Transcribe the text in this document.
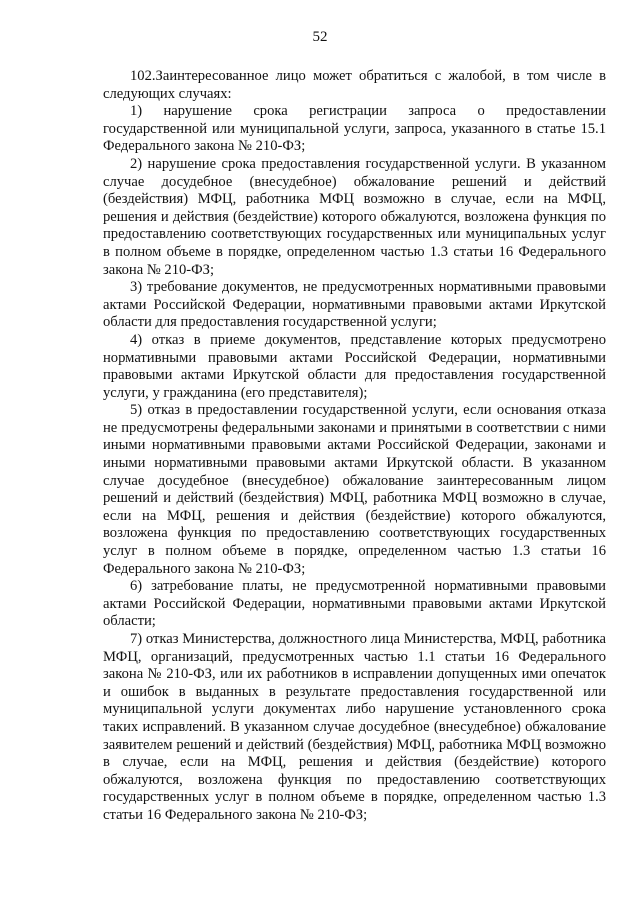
52

102.Заинтересованное лицо может обратиться с жалобой, в том числе в следующих случаях:

1) нарушение срока регистрации запроса о предоставлении государственной или муниципальной услуги, запроса, указанного в статье 15.1 Федерального закона № 210-ФЗ;

2) нарушение срока предоставления государственной услуги. В указанном случае досудебное (внесудебное) обжалование решений и действий (бездействия) МФЦ, работника МФЦ возможно в случае, если на МФЦ, решения и действия (бездействие) которого обжалуются, возложена функция по предоставлению соответствующих государственных или муниципальных услуг в полном объеме в порядке, определенном частью 1.3 статьи 16 Федерального закона № 210-ФЗ;

3) требование документов, не предусмотренных нормативными правовыми актами Российской Федерации, нормативными правовыми актами Иркутской области для предоставления государственной услуги;

4) отказ в приеме документов, представление которых предусмотрено нормативными правовыми актами Российской Федерации, нормативными правовыми актами Иркутской области для предоставления государственной услуги, у гражданина (его представителя);

5) отказ в предоставлении государственной услуги, если основания отказа не предусмотрены федеральными законами и принятыми в соответствии с ними иными нормативными правовыми актами Российской Федерации, законами и иными нормативными правовыми актами Иркутской области. В указанном случае досудебное (внесудебное) обжалование заинтересованным лицом решений и действий (бездействия) МФЦ, работника МФЦ возможно в случае, если на МФЦ, решения и действия (бездействие) которого обжалуются, возложена функция по предоставлению соответствующих государственных услуг в полном объеме в порядке, определенном частью 1.3 статьи 16 Федерального закона № 210-ФЗ;

6) затребование платы, не предусмотренной нормативными правовыми актами Российской Федерации, нормативными правовыми актами Иркутской области;

7) отказ Министерства, должностного лица Министерства, МФЦ, работника МФЦ, организаций, предусмотренных частью 1.1 статьи 16 Федерального закона № 210-ФЗ, или их работников в исправлении допущенных ими опечаток и ошибок в выданных в результате предоставления государственной или муниципальной услуги документах либо нарушение установленного срока таких исправлений. В указанном случае досудебное (внесудебное) обжалование заявителем решений и действий (бездействия) МФЦ, работника МФЦ возможно в случае, если на МФЦ, решения и действия (бездействие) которого обжалуются, возложена функция по предоставлению соответствующих государственных услуг в полном объеме в порядке, определенном частью 1.3 статьи 16 Федерального закона № 210-ФЗ;
